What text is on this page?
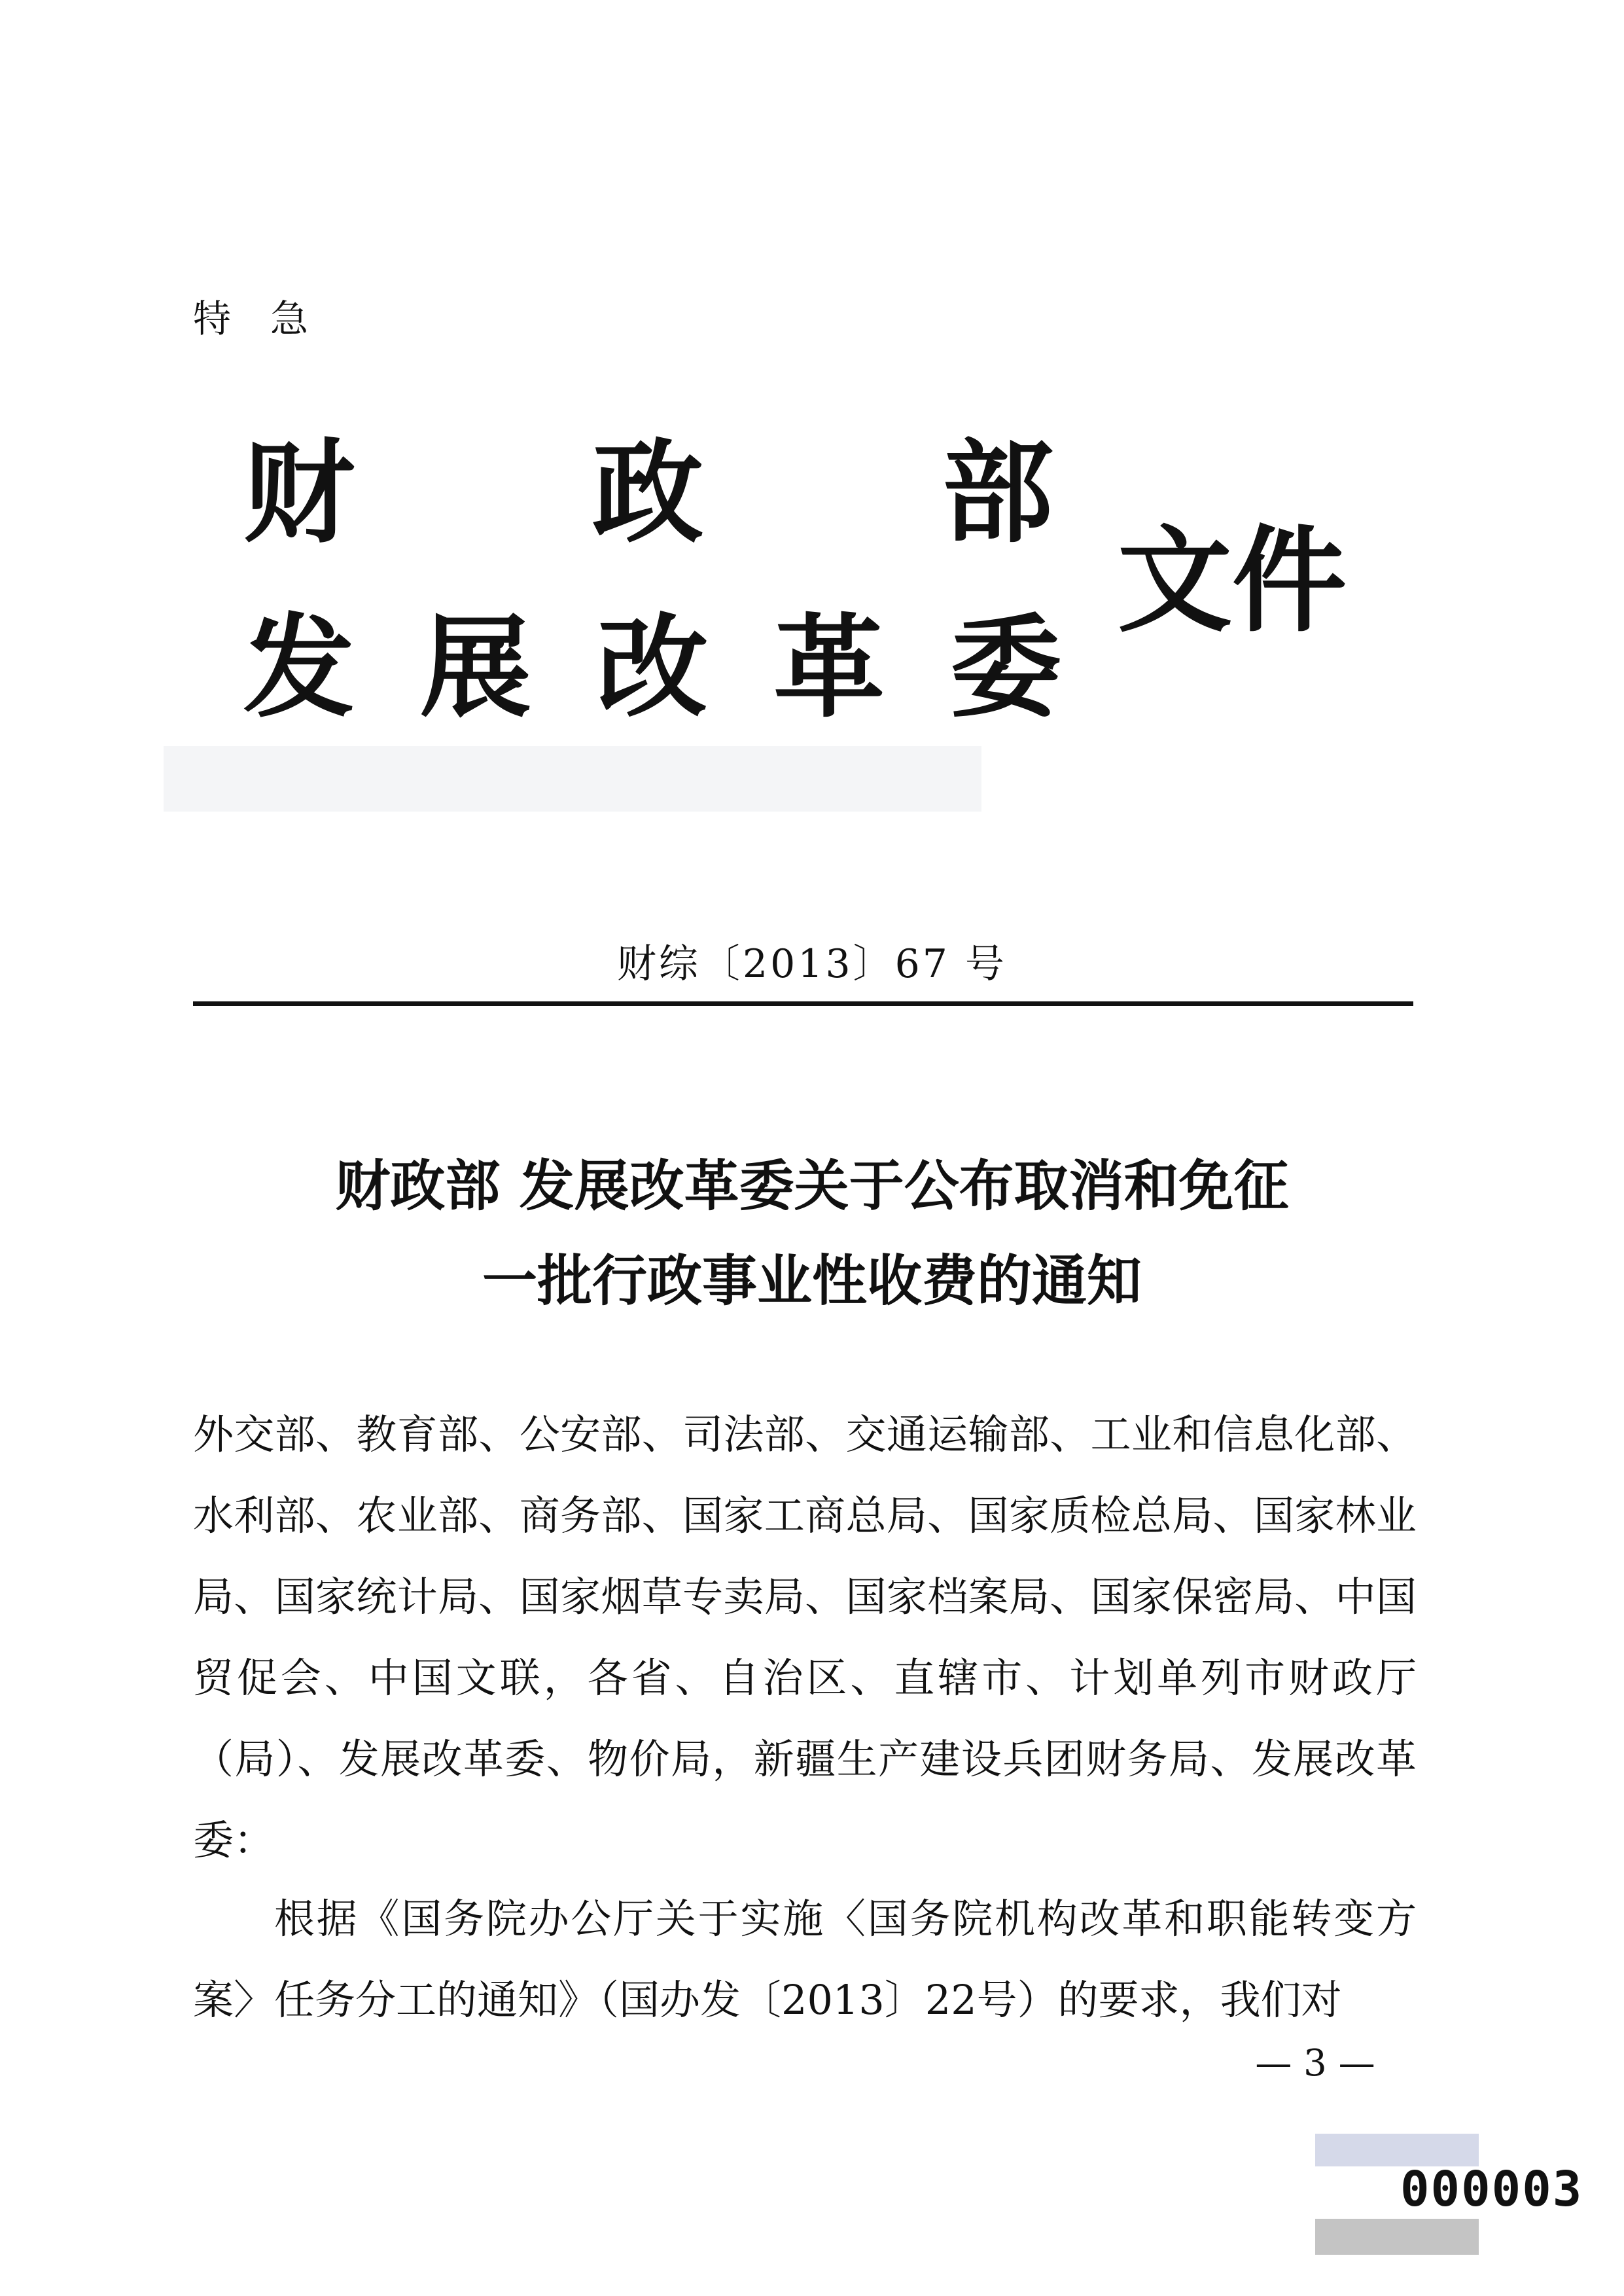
特急
财 政 部
发展改革委
文件
财综〔2013〕67 号
财政部 发展改革委关于公布取消和免征
一批行政事业性收费的通知
外交部、教育部、公安部、司法部、交通运输部、工业和信息化部、水利部、农业部、商务部、国家工商总局、国家质检总局、国家林业局、国家统计局、国家烟草专卖局、国家档案局、国家保密局、中国贸促会、中国文联，各省、自治区、直辖市、计划单列市财政厅（局）、发展改革委、物价局，新疆生产建设兵团财务局、发展改革委：
根据《国务院办公厅关于实施〈国务院机构改革和职能转变方案〉任务分工的通知》（国办发〔2013〕22号）的要求，我们对
— 3 —
000003
